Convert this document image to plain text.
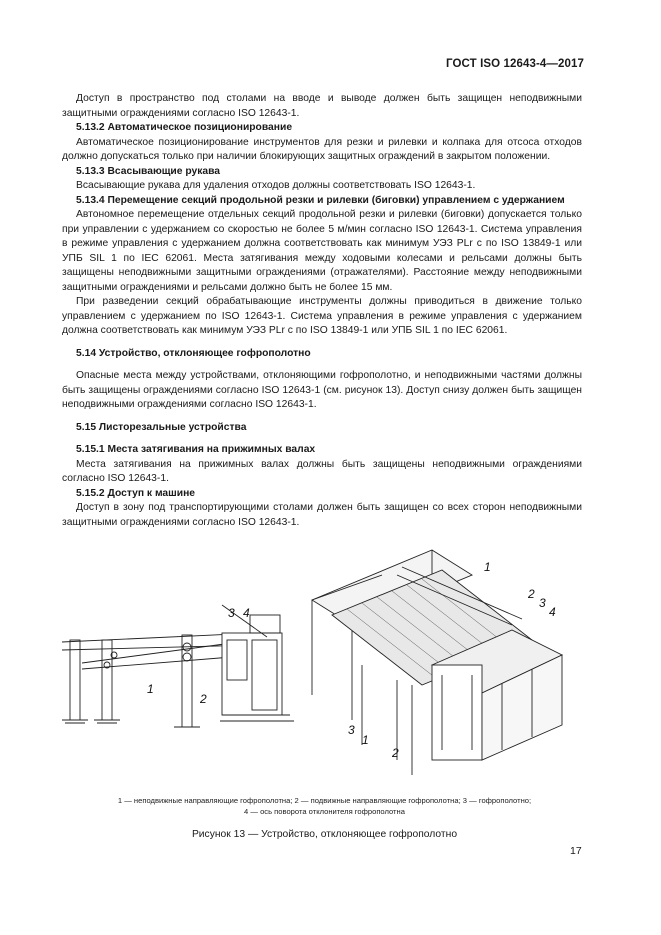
ГОСТ ISO 12643-4—2017
Доступ в пространство под столами на вводе и выводе должен быть защищен неподвижными защитными ограждениями согласно ISO 12643-1.
5.13.2 Автоматическое позиционирование
Автоматическое позиционирование инструментов для резки и рилевки и колпака для отсоса отходов должно допускаться только при наличии блокирующих защитных ограждений в закрытом положении.
5.13.3 Всасывающие рукава
Всасывающие рукава для удаления отходов должны соответствовать ISO 12643-1.
5.13.4 Перемещение секций продольной резки и рилевки (биговки) управлением с удержанием
Автономное перемещение отдельных секций продольной резки и рилевки (биговки) допускается только при управлении с удержанием со скоростью не более 5 м/мин согласно ISO 12643-1. Система управления в режиме управления с удержанием должна соответствовать как минимум УЭЗ PLr с по ISO 13849-1 или УПБ SIL 1 по IEC 62061. Места затягивания между ходовыми колесами и рельсами должны быть защищены неподвижными защитными ограждениями (отражателями). Расстояние между неподвижными защитными ограждениями и рельсами должно быть не более 15 мм.
При разведении секций обрабатывающие инструменты должны приводиться в движение только управлением с удержанием по ISO 12643-1. Система управления в режиме управления с удержанием должна соответствовать как минимум УЭЗ PLr c по ISO 13849-1 или УПБ SIL 1 по IEC 62061.
5.14 Устройство, отклоняющее гофрополотно
Опасные места между устройствами, отклоняющими гофрополотно, и неподвижными частями должны быть защищены ограждениями согласно ISO 12643-1 (см. рисунок 13). Доступ снизу должен быть защищен неподвижными ограждениями согласно ISO 12643-1.
5.15 Листорезальные устройства
5.15.1 Места затягивания на прижимных валах
Места затягивания на прижимных валах должны быть защищены неподвижными ограждениями согласно ISO 12643-1.
5.15.2 Доступ к машине
Доступ в зону под транспортирующими столами должен быть защищен со всех сторон неподвижными защитными ограждениями согласно ISO 12643-1.
1
2
3 4
1
2
3
4
3
1
2
1 — неподвижные направляющие гофрополотна; 2 — подвижные направляющие гофрополотна; 3 — гофрополотно;
4 — ось поворота отклонителя гофрополотна
Рисунок 13 — Устройство, отклоняющее гофрополотно
17
